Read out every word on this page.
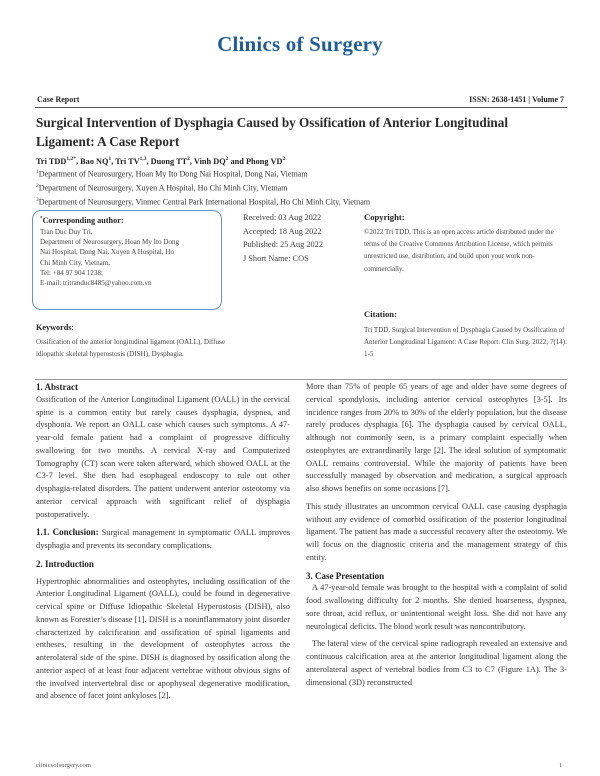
Clinics of Surgery
Case Report	ISSN: 2638-1451 | Volume 7
Surgical Intervention of Dysphagia Caused by Ossification of Anterior Longitudinal Ligament: A Case Report
Tri $TDD^{1,2*}$, Bao $NQ^1$, Tri TV$^{1,3}$, Duong $TT^2$, Vinh $DQ^2$ and Phong $VD^2$
$^1$Department of Neurosurgery, Hoan My Ito Dong Nai Hospital, Dong Nai, Vietnam
$^2$Department of Neurosurgery, Xuyen A Hospital, Ho Chi Minh City, Vietnam
$^3$Department of Neurosurgery, Vinmec Central Park International Hospital, Ho Chi Minh City, Vietnam
*Corresponding author:
Tran Duc Duy Tri,
Department of Neurosurgery, Hoan My Ito Dong
Nai Hospital, Dong Nai, Xuyen A Hospital, Ho
Chi Minh City, Vietnam,
Tel: +84 97 904 1238;
E-mail: tritranduc8485@yahoo.com.vn
Received: 03 Aug 2022
Accepted: 18 Aug 2022
Published: 25 Aug 2022
J Short Name: COS
Copyright:
©2022 Tri TDD, This is an open access article distributed under the terms of the Creative Commons Attribution License, which permits unrestricted use, distribution, and build upon your work non-commercially.
Citation:
Tri TDD. Surgical Intervention of Dysphagia Caused by Ossification of Anterior Longitudinal Ligament: A Case Report. Clin Surg. 2022; 7(14): 1-5
Keywords:
Ossification of the anterior longitudinal ligament (OALL), Diffuse idiopathic skeletal hyperostosis (DISH), Dysphagia.

1. Abstract

Ossification of the Anterior Longitudinal Ligament (OALL) in the cervical spine is a common entity but rarely causes dysphagia, dyspnea, and dysphonia. We report an OALL case which causes such symptoms. A 47-year-old female patient had a complaint of progressive difficulty swallowing for two months. A cervical X-ray and Computerized Tomography (CT) scan were taken afterward, which showed OALL at the C3-7 level. She then had esophageal endoscopy to rule out other dysphagia-related disorders. The patient underwent anterior osteotomy via anterior cervical approach with significant relief of dysphagia postoperatively.

1.1. Conclusion: Surgical management in symptomatic OALL improves dysphagia and prevents its secondary complications.

2. Introduction

Hypertrophic abnormalities and osteophytes, including ossification of the Anterior Longitudinal Ligament (OALL), could be found in degenerative cervical spine or Diffuse Idiopathic Skeletal Hyperostosis (DISH), also known as Forestier’s disease [1]. DISH is a noninflammatory joint disorder characterized by calcification and ossification of spinal ligaments and entheses, resulting in the development of osteophytes across the anterolateral side of the spine. DISH is diagnosed by ossification along the anterior aspect of at least four adjacent vertebrae without obvious signs of the involved intervertebral disc or apophyseal degenerative modification, and absence of facet joint ankyloses [2].

More than 75% of people 65 years of age and older have some degrees of cervical spondylosis, including anterior cervical osteophytes [3-5]. Its incidence ranges from 20% to 30% of the elderly population, but the disease rarely produces dysphagia [6]. The dysphagia caused by cervical OALL, although not commonly seen, is a primary complaint especially when osteophytes are extraordinarily large [2]. The ideal solution of symptomatic OALL remains controversial. While the majority of patients have been successfully managed by observation and medication, a surgical approach also shows benefits on some occasions [7].

This study illustrates an uncommon cervical OALL case causing dysphagia without any evidence of comorbid ossification of the posterior longitudinal ligament. The patient has made a successful recovery after the osteotomy. We will focus on the diagnostic criteria and the management strategy of this entity.

3. Case Presentation

A 47-year-old female was brought to the hospital with a complaint of solid food swallowing difficulty for 2 months. She denied hoarseness, dyspnea, sore throat, acid reflux, or unintentional weight loss. She did not have any neurological deficits. The blood work result was noncontributory.

The lateral view of the cervical spine radiograph revealed an extensive and continuous calcification area at the anterior longitudinal ligament along the anterolateral aspect of vertebral bodies from C3 to C7 (Figure 1A). The 3-dimensional (3D) reconstructed

clinicsofsurgery.com	1
